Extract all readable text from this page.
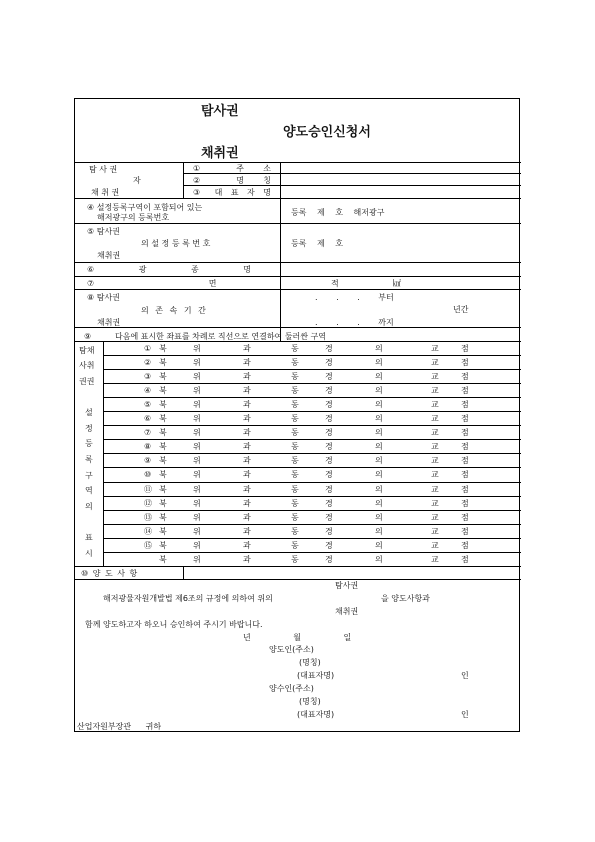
탐사권
양도승인신청서
채취권
탐 사 권
자
채 취 권
① 주 소
② 명 칭
③ 대 표 자 명
④ 설정등록구역이 포함되어 있는
해저광구의 등록번호
등록 제 호 해저광구
⑤ 탐사권
의 설 정 등 록 번 호
채취권
등록 제 호
⑥ 광 종 명
⑦ 면 적	㎢
⑧ 탐사권
의 존 속 기 간
채취권
. . . 부터
년간
. . . 까지
⑨	다음에 표시한 좌표를 차례로 직선으로 연결하여 둘러싼 구역
탐채
사취
권권
설
정
등
록
구
역
의
표
시
① 북	위	과	동	경	의	교	점
② 북	위	과	동	경	의	교	점
③ 북	위	과	동	경	의	교	점
④ 북	위	과	동	경	의	교	점
⑤ 북	위	과	동	경	의	교	점
⑥ 북	위	과	동	경	의	교	점
⑦ 북	위	과	동	경	의	교	점
⑧ 북	위	과	동	경	의	교	점
⑨ 북	위	과	동	경	의	교	점
⑩ 북	위	과	동	경	의	교	점
⑪ 북	위	과	동	경	의	교	점
⑫ 북	위	과	동	경	의	교	점
⑬ 북	위	과	동	경	의	교	점
⑭ 북	위	과	동	경	의	교	점
⑮ 북	위	과	동	경	의	교	점
북	위	과	동	경	의	교	점
⑩ 양 도 사 항
탐사권
해저광물자원개발법 제6조의 규정에 의하여 위의	을 양도사항과
채취권
함께 양도하고자 하오니 승인하여 주시기 바랍니다.
년 월 일
양도인(주소)
(명칭)
(대표자명)	인
양수인(주소)
(명칭)
(대표자명)	인
산업자원부장관 귀하
